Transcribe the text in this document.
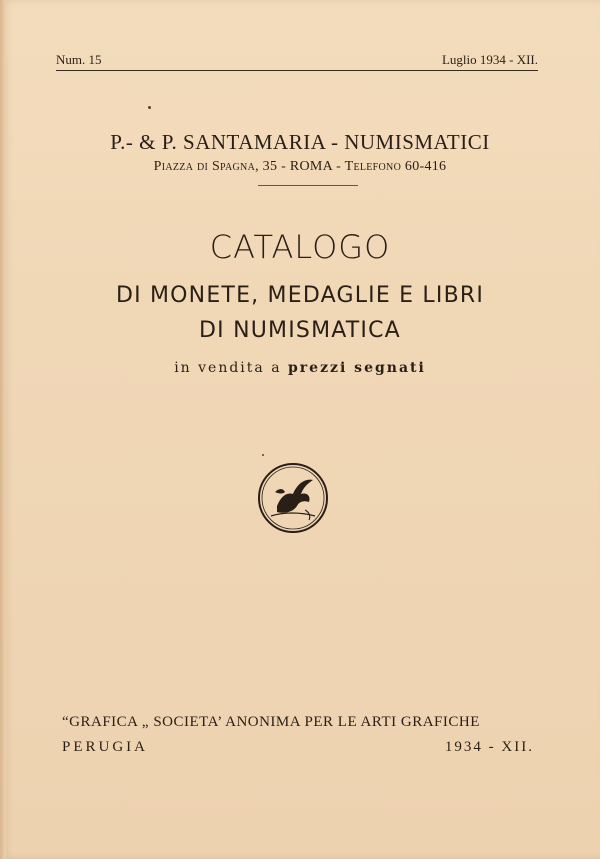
Num. 15	Luglio 1934 - XII.
P.- & P. SANTAMARIA - NUMISMATICI
Piazza di Spagna, 35 - ROMA - Telefono 60-416
CATALOGO
DI MONETE, MEDAGLIE E LIBRI
DI NUMISMATICA
in vendita a prezzi segnati
“GRAFICA „ SOCIETA’ ANONIMA PER LE ARTI GRAFICHE
PERUGIA	1934 - XII.
